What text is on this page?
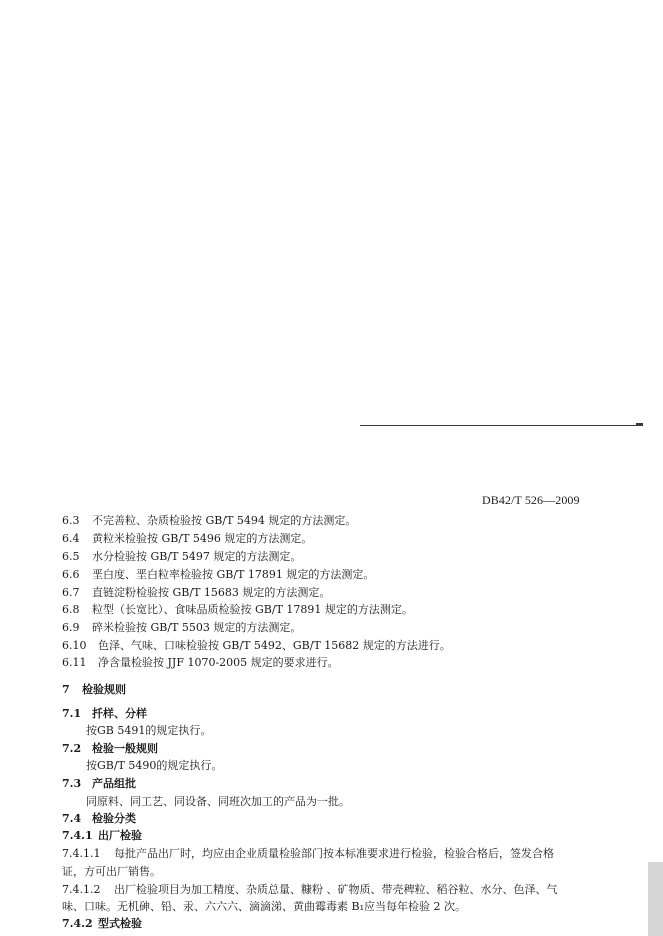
DB42/T 526—2009
6.3 不完善粒、杂质检验按 GB/T 5494 规定的方法测定。
6.4 黄粒米检验按 GB/T 5496 规定的方法测定。
6.5 水分检验按 GB/T 5497 规定的方法测定。
6.6 垩白度、垩白粒率检验按 GB/T 17891 规定的方法测定。
6.7 直链淀粉检验按 GB/T 15683 规定的方法测定。
6.8 粒型（长宽比）、食味品质检验按 GB/T 17891 规定的方法测定。
6.9 碎米检验按 GB/T 5503 规定的方法测定。
6.10 色泽、气味、口味检验按 GB/T 5492、GB/T 15682 规定的方法进行。
6.11 净含量检验按 JJF 1070-2005 规定的要求进行。
7 检验规则
7.1 扦样、分样
按GB 5491的规定执行。
7.2 检验一般规则
按GB/T 5490的规定执行。
7.3 产品组批
同原料、同工艺、同设备、同班次加工的产品为一批。
7.4 检验分类
7.4.1 出厂检验
7.4.1.1 每批产品出厂时，均应由企业质量检验部门按本标准要求进行检验，检验合格后，签发合格
证，方可出厂销售。
7.4.1.2 出厂检验项目为加工精度、杂质总量、糠粉 、矿物质、带壳稗粒、稻谷粒、水分、色泽、气
味、口味。无机砷、铅、汞、六六六、滴滴涕、黄曲霉毒素 B₁应当每年检验 2 次。
7.4.2 型式检验
